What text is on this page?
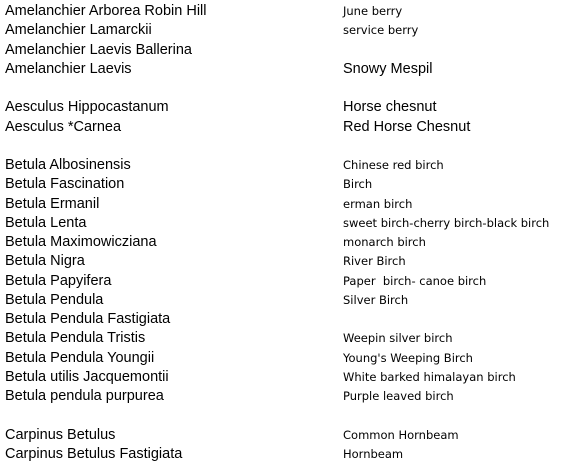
Amelanchier Arborea Robin Hill	June berry
Amelanchier Lamarckii	service berry
Amelanchier Laevis Ballerina
Amelanchier Laevis	Snowy Mespil
Aesculus Hippocastanum	Horse chesnut
Aesculus *Carnea	Red Horse Chesnut
Betula Albosinensis	Chinese red birch
Betula Fascination	Birch
Betula Ermanil	erman birch
Betula Lenta	sweet birch-cherry birch-black birch
Betula Maximowicziana	monarch birch
Betula Nigra	River Birch
Betula Papyifera	Paper  birch- canoe birch
Betula Pendula	Silver Birch
Betula Pendula Fastigiata
Betula Pendula Tristis	Weepin silver birch
Betula Pendula Youngii	Young's Weeping Birch
Betula utilis Jacquemontii	White barked himalayan birch
Betula pendula purpurea	Purple leaved birch
Carpinus Betulus	Common Hornbeam
Carpinus Betulus Fastigiata	Hornbeam
